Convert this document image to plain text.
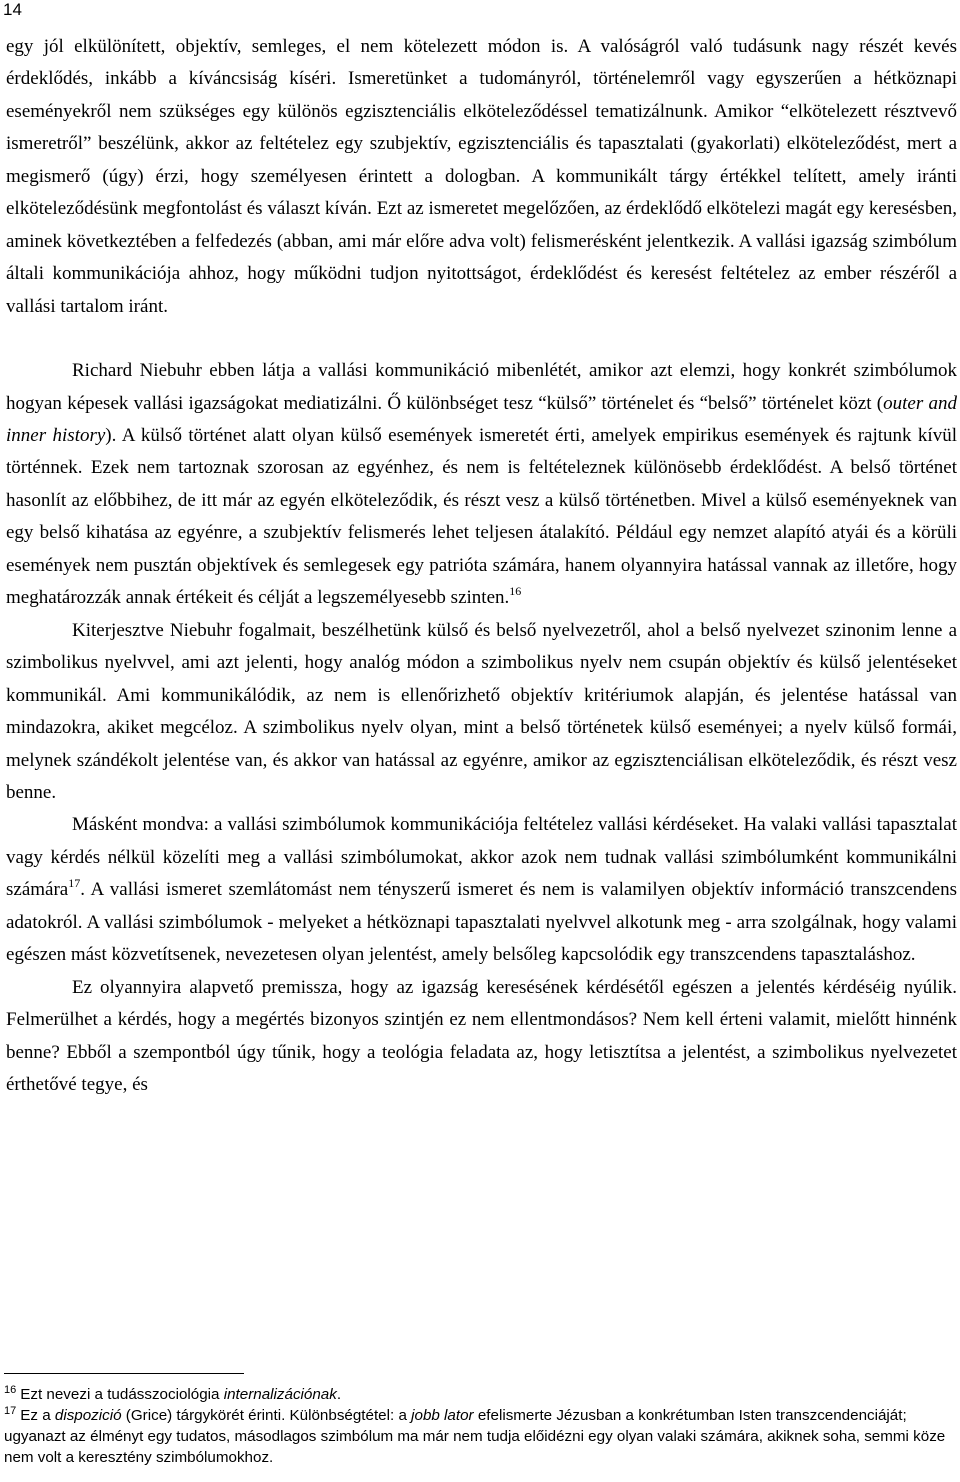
14

egy jól elkülönített, objektív, semleges, el nem kötelezett módon is. A valóságról való tudásunk nagy részét kevés érdeklődés, inkább a kíváncsiság kíséri. Ismeretünket a tudományról, történelemről vagy egyszerűen a hétköznapi eseményekről nem szükséges egy különös egzisztenciális elköteleződéssel tematizálnunk. Amikor “elkötelezett résztvevő ismeretről” beszélünk, akkor az feltételez egy szubjektív, egzisztenciális és tapasztalati (gyakorlati) elköteleződést, mert a megismerő (úgy) érzi, hogy személyesen érintett a dologban. A kommunikált tárgy értékkel telített, amely iránti elköteleződésünk megfontolást és választ kíván. Ezt az ismeretet megelőzően, az érdeklődő elkötelezi magát egy keresésben, aminek következtében a felfedezés (abban, ami már előre adva volt) felismerésként jelentkezik. A vallási igazság szimbólum általi kommunikációja ahhoz, hogy működni tudjon nyitottságot, érdeklődést és keresést feltételez az ember részéről a vallási tartalom iránt.

Richard Niebuhr ebben látja a vallási kommunikáció mibenlétét, amikor azt elemzi, hogy konkrét szimbólumok hogyan képesek vallási igazságokat mediatizálni. Ő különbséget tesz “külső” történelet és “belső” történelet közt (outer and inner history). A külső történet alatt olyan külső események ismeretét érti, amelyek empirikus események és rajtunk kívül történnek. Ezek nem tartoznak szorosan az egyénhez, és nem is feltételeznek különösebb érdeklődést. A belső történet hasonlít az előbbihez, de itt már az egyén elköteleződik, és részt vesz a külső történetben. Mivel a külső eseményeknek van egy belső kihatása az egyénre, a szubjektív felismerés lehet teljesen átalakító. Például egy nemzet alapító atyái és a körüli események nem pusztán objektívek és semlegesek egy patrióta számára, hanem olyannyira hatással vannak az illetőre, hogy meghatározzák annak értékeit és célját a legszemélyesebb szinten.$^{16}$

Kiterjesztve Niebuhr fogalmait, beszélhetünk külső és belső nyelvezetről, ahol a belső nyelvezet szinonim lenne a szimbolikus nyelvvel, ami azt jelenti, hogy analóg módon a szimbolikus nyelv nem csupán objektív és külső jelentéseket kommunikál. Ami kommunikálódik, az nem is ellenőrizhető objektív kritériumok alapján, és jelentése hatással van mindazokra, akiket megcéloz. A szimbolikus nyelv olyan, mint a belső történetek külső eseményei; a nyelv külső formái, melynek szándékolt jelentése van, és akkor van hatással az egyénre, amikor az egzisztenciálisan elköteleződik, és részt vesz benne.

Másként mondva: a vallási szimbólumok kommunikációja feltételez vallási kérdéseket. Ha valaki vallási tapasztalat vagy kérdés nélkül közelíti meg a vallási szimbólumokat, akkor azok nem tudnak vallási szimbólumként kommunikálni számára$^{17}$. A vallási ismeret szemlátomást nem tényszerű ismeret és nem is valamilyen objektív információ transzcendens adatokról. A vallási szimbólumok - melyeket a hétköznapi tapasztalati nyelvvel alkotunk meg - arra szolgálnak, hogy valami egészen mást közvetítsenek, nevezetesen olyan jelentést, amely belsőleg kapcsolódik egy transzcendens tapasztaláshoz.

Ez olyannyira alapvető premissza, hogy az igazság keresésének kérdésétől egészen a jelentés kérdéséig nyúlik. Felmerülhet a kérdés, hogy a megértés bizonyos szintjén ez nem ellentmondásos? Nem kell érteni valamit, mielőtt hinnénk benne? Ebből a szempontból úgy tűnik, hogy a teológia feladata az, hogy letisztítsa a jelentést, a szimbolikus nyelvezetet érthetővé tegye, és

$^{16}$ Ezt nevezi a tudásszociológia internalizációnak.

$^{17}$ Ez a dispozició (Grice) tárgykörét érinti. Különbségtétel: a jobb lator efelismerte Jézusban a konkrétumban Isten transzcendenciáját; ugyanazt az élményt egy tudatos, másodlagos szimbólum ma már nem tudja előidézni egy olyan valaki számára, akiknek soha, semmi köze nem volt a keresztény szimbólumokhoz.
